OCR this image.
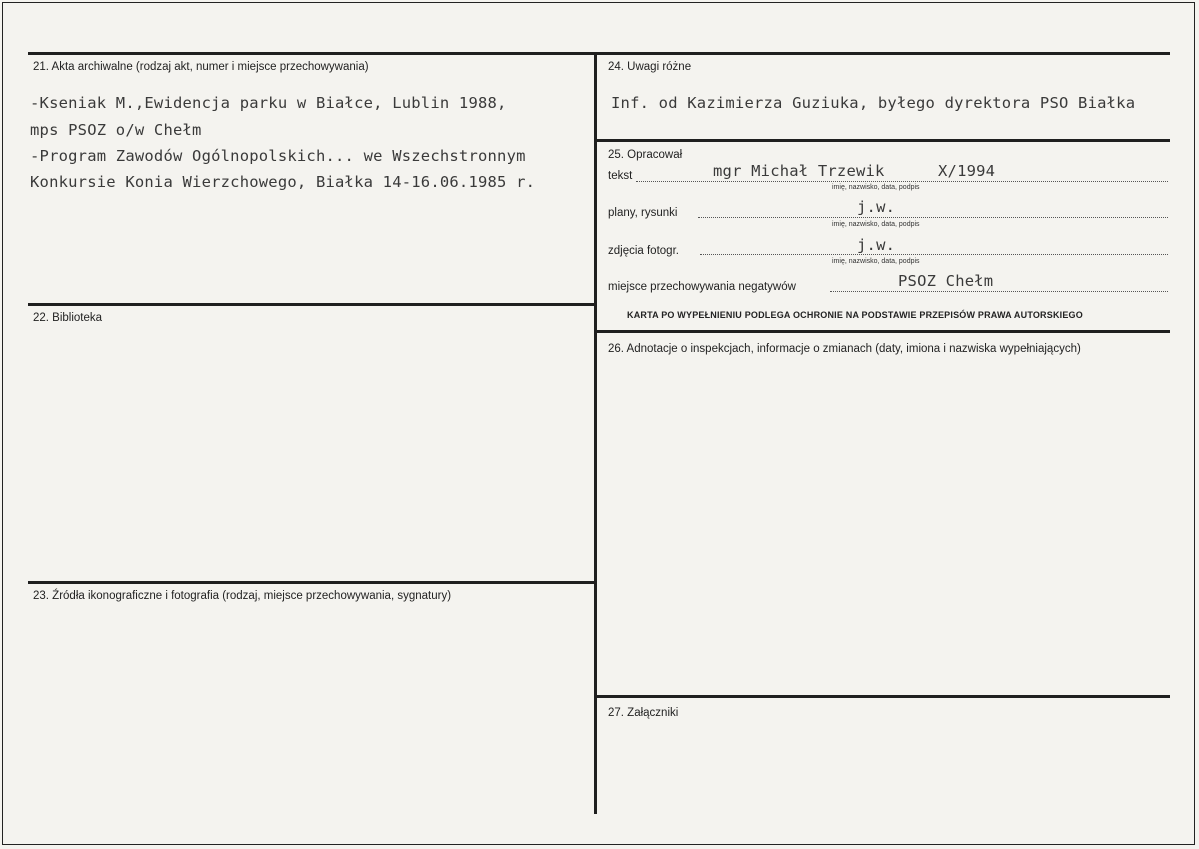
21. Akta archiwalne (rodzaj akt, numer i miejsce przechowywania)
-Kseniak M.,Ewidencja parku w Białce, Lublin 1988,
mps PSOZ o/w Chełm
-Program Zawodów Ogólnopolskich... we Wszechstronnym
Konkursie Konia Wierzchowego, Białka 14-16.06.1985 r.
22. Biblioteka
23. Źródła ikonograficzne i fotografia (rodzaj, miejsce przechowywania, sygnatury)
24. Uwagi różne
Inf. od Kazimierza Guziuka, byłego dyrektora PSO Białka
25. Opracował
tekst	mgr Michał Trzewik	X/1994
imię, nazwisko, data, podpis
plany, rysunki	j.w.
imię, nazwisko, data, podpis
zdjęcia fotogr.	j.w.
imię, nazwisko, data, podpis
miejsce przechowywania negatywów	PSOZ Chełm
KARTA PO WYPEŁNIENIU PODLEGA OCHRONIE NA PODSTAWIE PRZEPISÓW PRAWA AUTORSKIEGO
26. Adnotacje o inspekcjach, informacje o zmianach (daty, imiona i nazwiska wypełniających)
27. Załączniki
